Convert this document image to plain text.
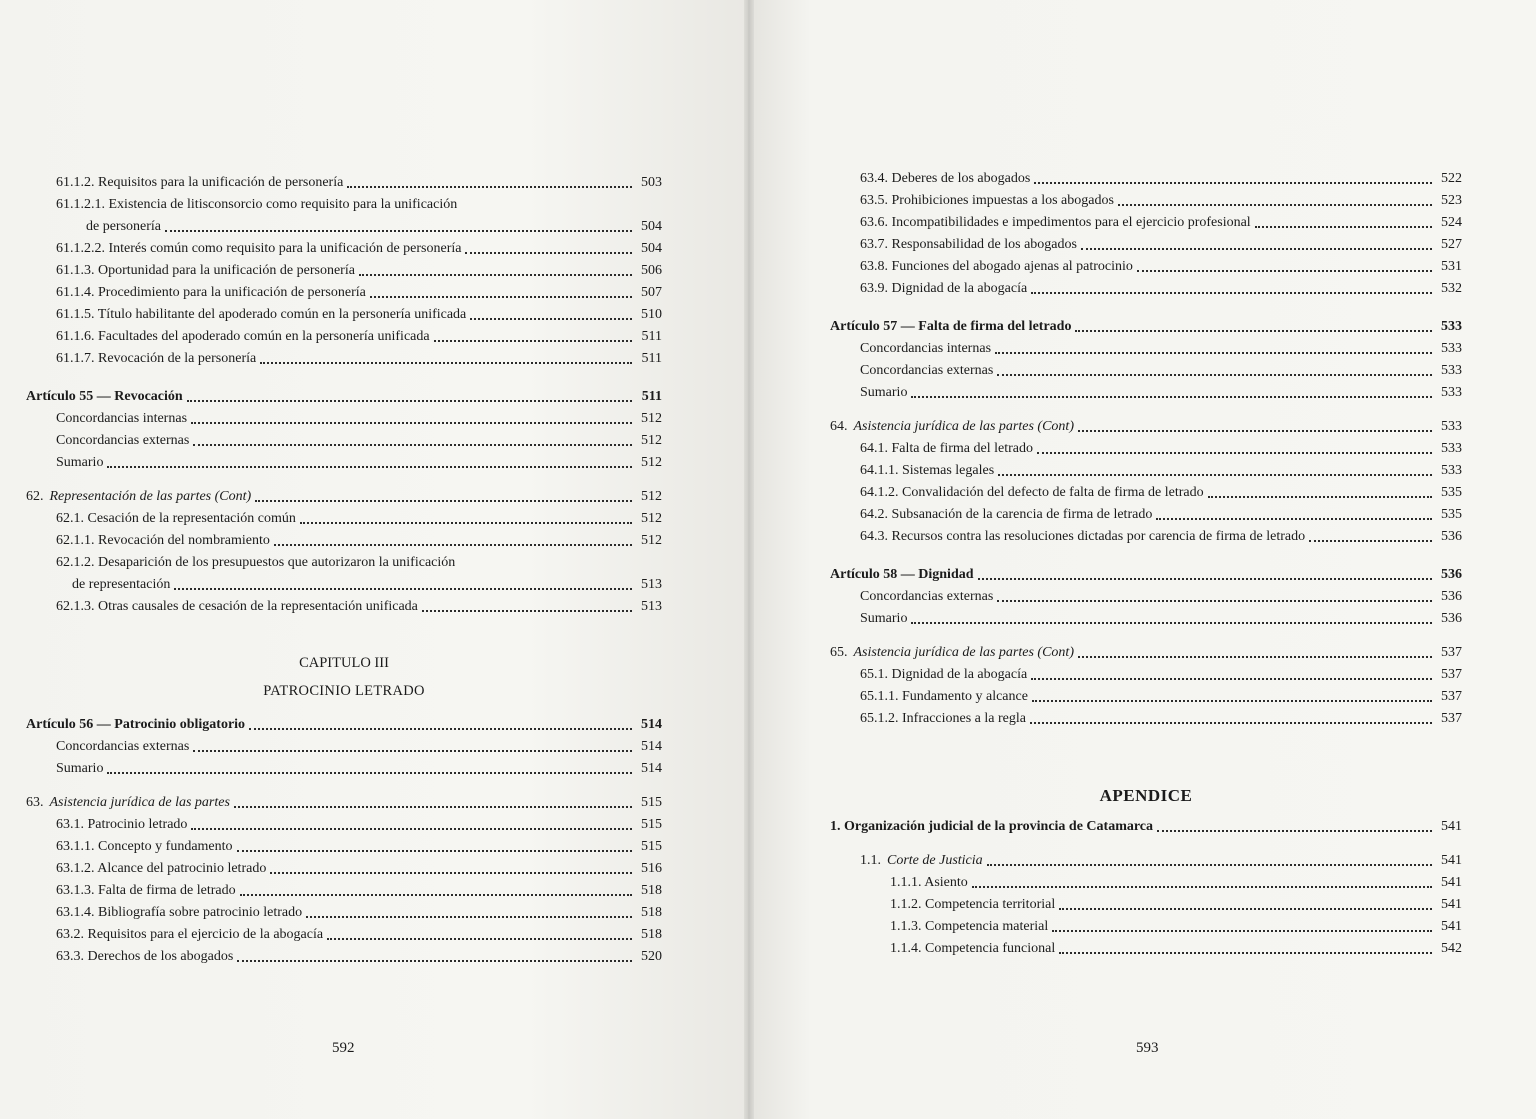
61.1.2. Requisitos para la unificación de personería	503
61.1.2.1. Existencia de litisconsorcio como requisito para la unificación
de personería	504
61.1.2.2. Interés común como requisito para la unificación de personería	504
61.1.3. Oportunidad para la unificación de personería	506
61.1.4. Procedimiento para la unificación de personería	507
61.1.5. Título habilitante del apoderado común en la personería unificada	510
61.1.6. Facultades del apoderado común en la personería unificada	511
61.1.7. Revocación de la personería	511
Artículo 55 — Revocación	511
Concordancias internas	512
Concordancias externas	512
Sumario	512
62. Representación de las partes (Cont)	512
62.1. Cesación de la representación común	512
62.1.1. Revocación del nombramiento	512
62.1.2. Desaparición de los presupuestos que autorizaron la unificación
de representación	513
62.1.3. Otras causales de cesación de la representación unificada	513
CAPITULO III
PATROCINIO LETRADO
Artículo 56 — Patrocinio obligatorio	514
Concordancias externas	514
Sumario	514
63. Asistencia jurídica de las partes	515
63.1. Patrocinio letrado	515
63.1.1. Concepto y fundamento	515
63.1.2. Alcance del patrocinio letrado	516
63.1.3. Falta de firma de letrado	518
63.1.4. Bibliografía sobre patrocinio letrado	518
63.2. Requisitos para el ejercicio de la abogacía	518
63.3. Derechos de los abogados	520
63.4. Deberes de los abogados	522
63.5. Prohibiciones impuestas a los abogados	523
63.6. Incompatibilidades e impedimentos para el ejercicio profesional	524
63.7. Responsabilidad de los abogados	527
63.8. Funciones del abogado ajenas al patrocinio	531
63.9. Dignidad de la abogacía	532
Artículo 57 — Falta de firma del letrado	533
Concordancias internas	533
Concordancias externas	533
Sumario	533
64. Asistencia jurídica de las partes (Cont)	533
64.1. Falta de firma del letrado	533
64.1.1. Sistemas legales	533
64.1.2. Convalidación del defecto de falta de firma de letrado	535
64.2. Subsanación de la carencia de firma de letrado	535
64.3. Recursos contra las resoluciones dictadas por carencia de firma de letrado	536
Artículo 58 — Dignidad	536
Concordancias externas	536
Sumario	536
65. Asistencia jurídica de las partes (Cont)	537
65.1. Dignidad de la abogacía	537
65.1.1. Fundamento y alcance	537
65.1.2. Infracciones a la regla	537
APENDICE
1. Organización judicial de la provincia de Catamarca	541
1.1. Corte de Justicia	541
1.1.1. Asiento	541
1.1.2. Competencia territorial	541
1.1.3. Competencia material	541
1.1.4. Competencia funcional	542
592	593
